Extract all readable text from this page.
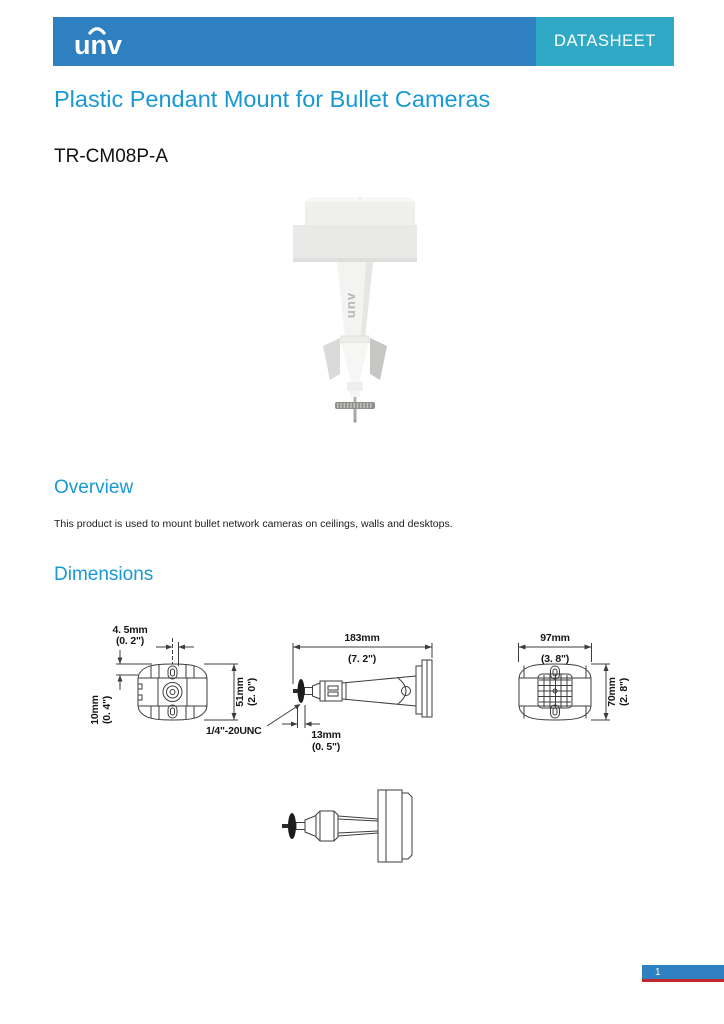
unv	DATASHEET
Plastic Pendant Mount for Bullet Cameras
TR-CM08P-A
unv
Overview

This product is used to mount bullet network cameras on ceilings, walls and desktops.

Dimensions
4. 5mm
(0. 2")
10mm (0. 4")
51mm (2. 0")
1/4"-20UNC
183mm
(7. 2")
13mm
(0. 5")
97mm
(3. 8")
70mm (2. 8")
1
